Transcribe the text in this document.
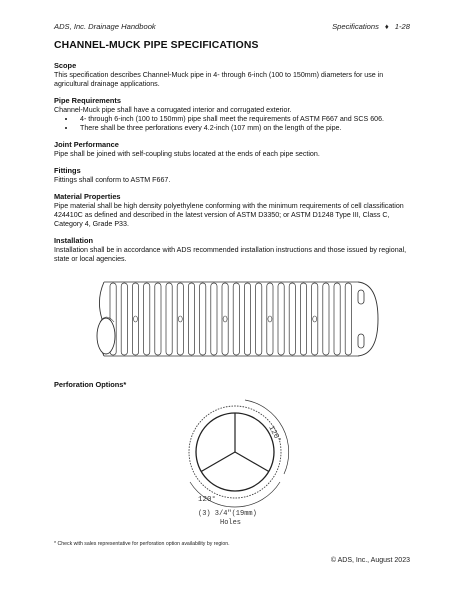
ADS, Inc. Drainage Handbook	Specifications ♦ 1-28
CHANNEL-MUCK PIPE SPECIFICATIONS

Scope

This specification describes Channel-Muck pipe in 4- through 6-inch (100 to 150mm) diameters for use in agricultural drainage applications.

Pipe Requirements

Channel-Muck pipe shall have a corrugated interior and corrugated exterior.

• 4- through 6-inch (100 to 150mm) pipe shall meet the requirements of ASTM F667 and SCS 606.
• There shall be three perforations every 4.2-inch (107 mm) on the length of the pipe.

Joint Performance

Pipe shall be joined with self-coupling stubs located at the ends of each pipe section.

Fittings

Fittings shall conform to ASTM F667.

Material Properties

Pipe material shall be high density polyethylene conforming with the minimum requirements of cell classification 424410C as defined and described in the latest version of ASTM D3350; or ASTM D1248 Type III, Class C, Category 4, Grade P33.

Installation

Installation shall be in accordance with ADS recommended installation instructions and those issued by regional, state or local agencies.

Perforation Options*
120°
120°
(3) 3/4"(19mm)
Holes
* Check with sales representative for perforation option availability by region.
© ADS, Inc., August 2023
